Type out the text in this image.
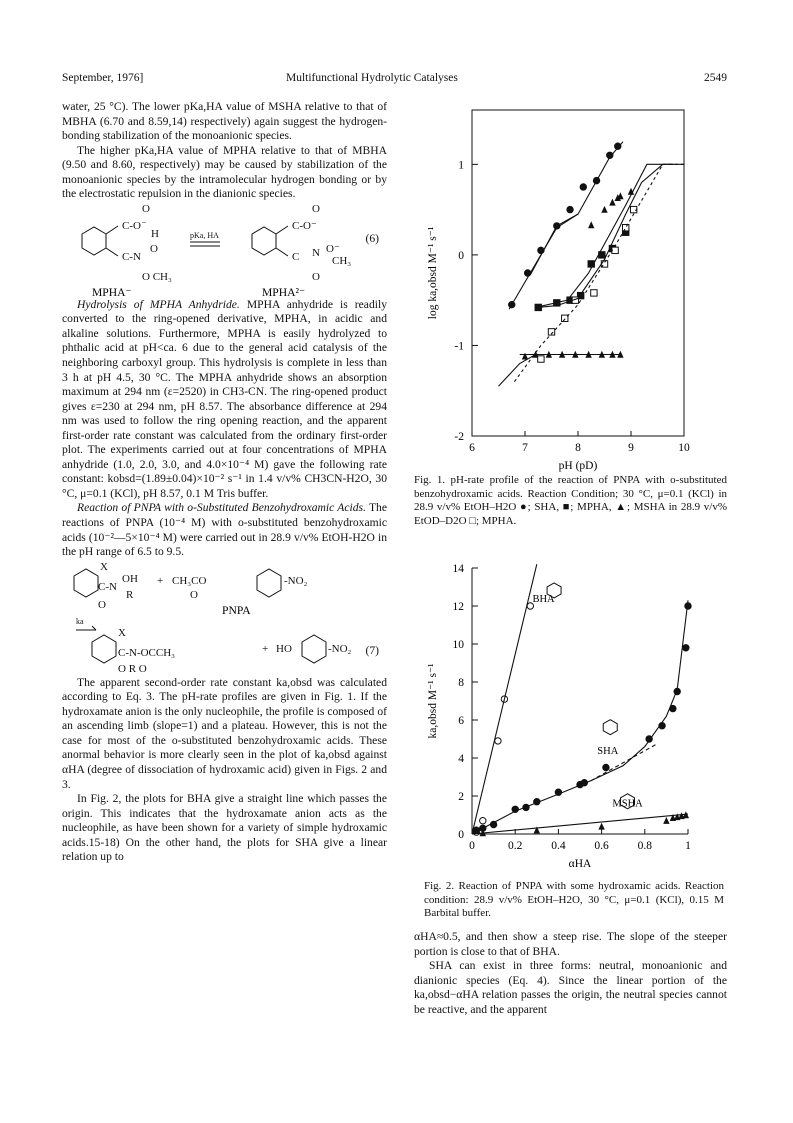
September, 1976]	Multifunctional Hydrolytic Catalyses	2549

water, 25 °C). The lower pKa,HA value of MSHA relative to that of MBHA (6.70 and 8.59,14) respectively) again suggest the hydrogen-bonding stabilization of the monoanionic species.

The higher pKa,HA value of MPHA relative to that of MBHA (9.50 and 8.60, respectively) may be caused by stabilization of the monoanionic species by the intramolecular hydrogen bonding or by the electrostatic repulsion in the dianionic species.

O	O
C-O –
H
C-N
O
O CH₃
C-O⁻
C N O⁻
CH₃
O
pKa, HA
MPHA⁻	MPHA²⁻
(6)

Hydrolysis of MPHA Anhydride. MPHA anhydride is readily converted to the ring-opened derivative, MPHA, in acidic and alkaline solutions. Furthermore, MPHA is easily hydrolyzed to phthalic acid at pH<ca. 6 due to the general acid catalysis of the neighboring carboxyl group. This hydrolysis is complete in less than 3 h at pH 4.5, 30 °C. The MPHA anhydride shows an absorption maximum at 294 nm (ε=2520) in CH3-CN. The ring-opened product gives ε=230 at 294 nm, pH 8.57. The absorbance difference at 294 nm was used to follow the ring opening reaction, and the apparent first-order rate constant was calculated from the ordinary first-order plot. The experiments carried out at four concentrations of MPHA anhydride (1.0, 2.0, 3.0, and 4.0×10⁻⁴ M) gave the following rate constant: kobsd=(1.89±0.04)×10⁻² s⁻¹ in 1.4 v/v% CH3CN-H2O, 30 °C, μ=0.1 (KCl), pH 8.57, 0.1 M Tris buffer.

Reaction of PNPA with o-Substituted Benzohydroxamic Acids. The reactions of PNPA (10⁻⁴ M) with o-substituted benzohydroxamic acids (10⁻²—5×10⁻⁴ M) were carried out in 28.9 v/v% EtOH-H2O in the pH range of 6.5 to 9.5.

X
C-N
OH
R
O
+ CH₃CO
O
-NO₂
ka
X
C-N-OCCH₃
O R O
+ HO	-NO₂
PNPA
(7)

The apparent second-order rate constant ka,obsd was calculated according to Eq. 3. The pH-rate profiles are given in Fig. 1. If the hydroxamate anion is the only nucleophile, the profile is composed of an ascending limb (slope=1) and a plateau. However, this is not the case for most of the o-substituted benzohydroxamic acids. These anormal behavior is more clearly seen in the plot of ka,obsd against αHA (degree of dissociation of hydroxamic acid) given in Figs. 2 and 3.

In Fig. 2, the plots for BHA give a straight line which passes the origin. This indicates that the hydroxamate anion acts as the nucleophile, as have been shown for a variety of simple hydroxamic acids.15-18) On the other hand, the plots for SHA give a linear relation up to

6	7	8	9	10
-2
-1
0
1
pH (pD)
log ka,obsd M⁻¹ s⁻¹
Fig. 1. pH-rate profile of the reaction of PNPA with o-substituted benzohydroxamic acids. Reaction Condition; 30 °C, μ=0.1 (KCl) in 28.9 v/v% EtOH–H2O ●; SHA, ■; MPHA, ▲; MSHA in 28.9 v/v% EtOD–D2O □; MPHA.
0	0.2	0.4	0.6	0.8	1
0
2
4
6
8
10
12
14
αHA
ka,obsd M⁻¹ s⁻¹
BHA
SHA
MSHA
Fig. 2. Reaction of PNPA with some hydroxamic acids. Reaction condition: 28.9 v/v% EtOH–H2O, 30 °C, μ=0.1 (KCl), 0.15 M Barbital buffer.

αHA≈0.5, and then show a steep rise. The slope of the steeper portion is close to that of BHA.

SHA can exist in three forms: neutral, monoanionic and dianionic species (Eq. 4). Since the linear portion of the ka,obsd−αHA relation passes the origin, the neutral species cannot be reactive, and the apparent
